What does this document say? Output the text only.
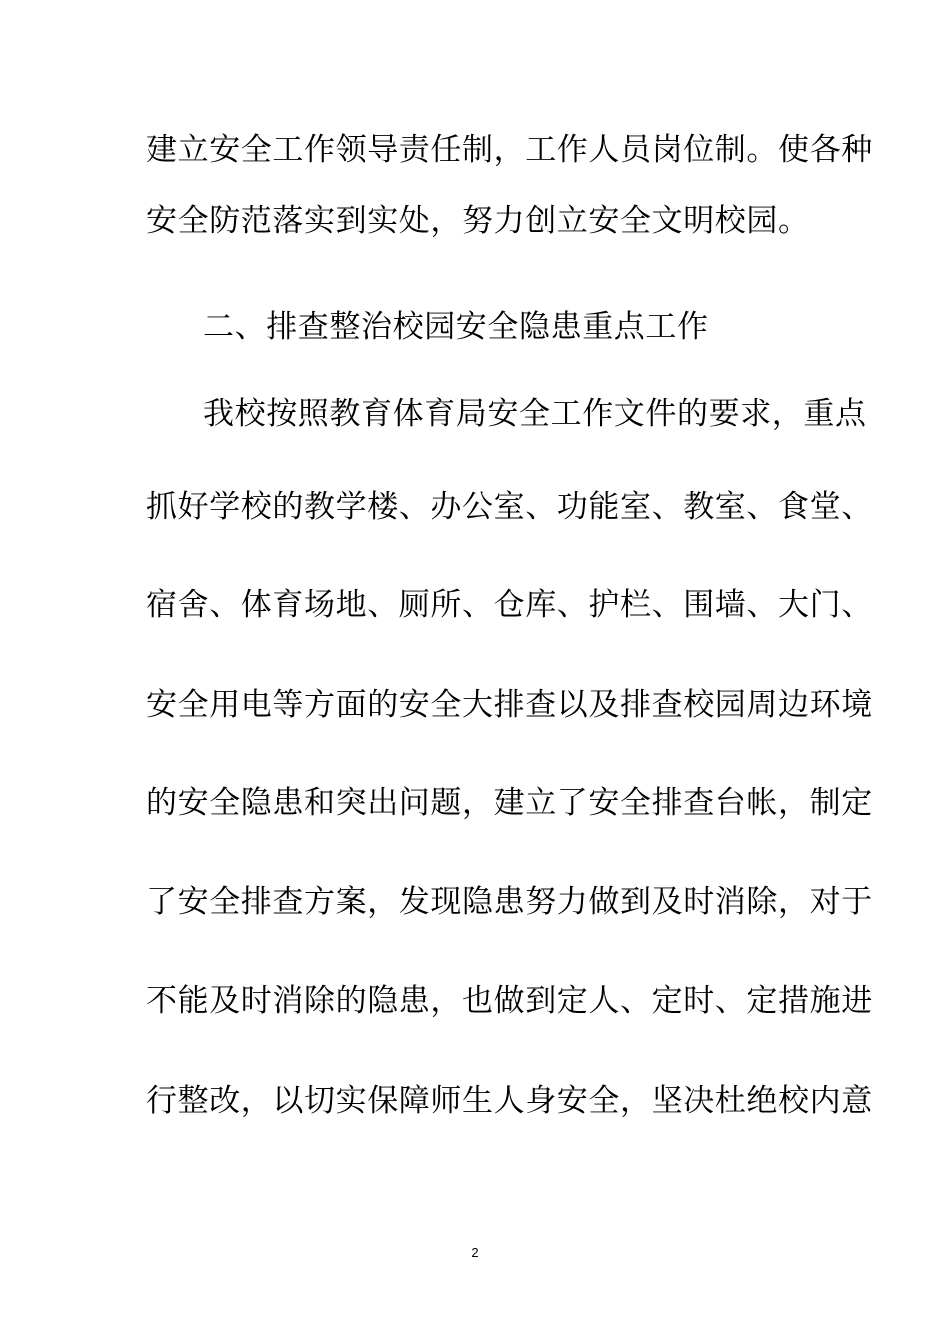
建立安全工作领导责任制，工作人员岗位制。使各种
安全防范落实到实处，努力创立安全文明校园。
二、排查整治校园安全隐患重点工作
我校按照教育体育局安全工作文件的要求，重点
抓好学校的教学楼、办公室、功能室、教室、食堂、
宿舍、体育场地、厕所、仓库、护栏、围墙、大门、
安全用电等方面的安全大排查以及排查校园周边环境
的安全隐患和突出问题，建立了安全排查台帐，制定
了安全排查方案，发现隐患努力做到及时消除，对于
不能及时消除的隐患，也做到定人、定时、定措施进
行整改，以切实保障师生人身安全，坚决杜绝校内意
2
